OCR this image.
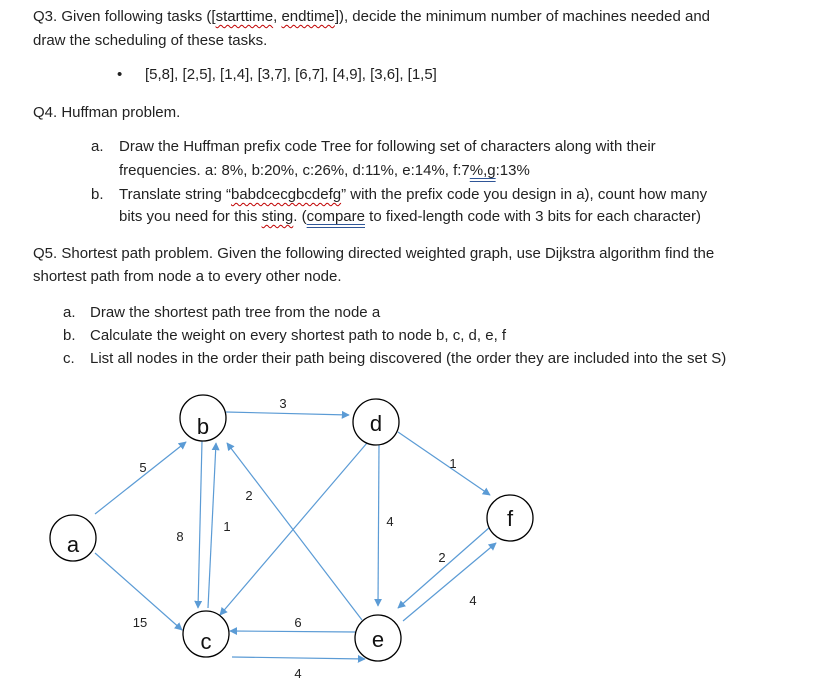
Q3. Given following tasks ([starttime, endtime]), decide the minimum number of machines needed and
draw the scheduling of these tasks.
• [5,8], [2,5], [1,4], [3,7], [6,7], [4,9], [3,6], [1,5]
Q4. Huffman problem.
a. Draw the Huffman prefix code Tree for following set of characters along with their
frequencies. a: 8%, b:20%, c:26%, d:11%, e:14%, f:7%,g:13%
b. Translate string “babdcecgbcdefg” with the prefix code you design in a), count how many
bits you need for this sting. (compare to fixed-length code with 3 bits for each character)
Q5. Shortest path problem. Given the following directed weighted graph, use Dijkstra algorithm find the
shortest path from node a to every other node.
a. Draw the shortest path tree from the node a
b. Calculate the weight on every shortest path to node b, c, d, e, f
c. List all nodes in the order their path being discovered (the order they are included into the set S)
a
b
c
d
e
f
5
15
3
8
1
2
4
1
6
4
2
4
